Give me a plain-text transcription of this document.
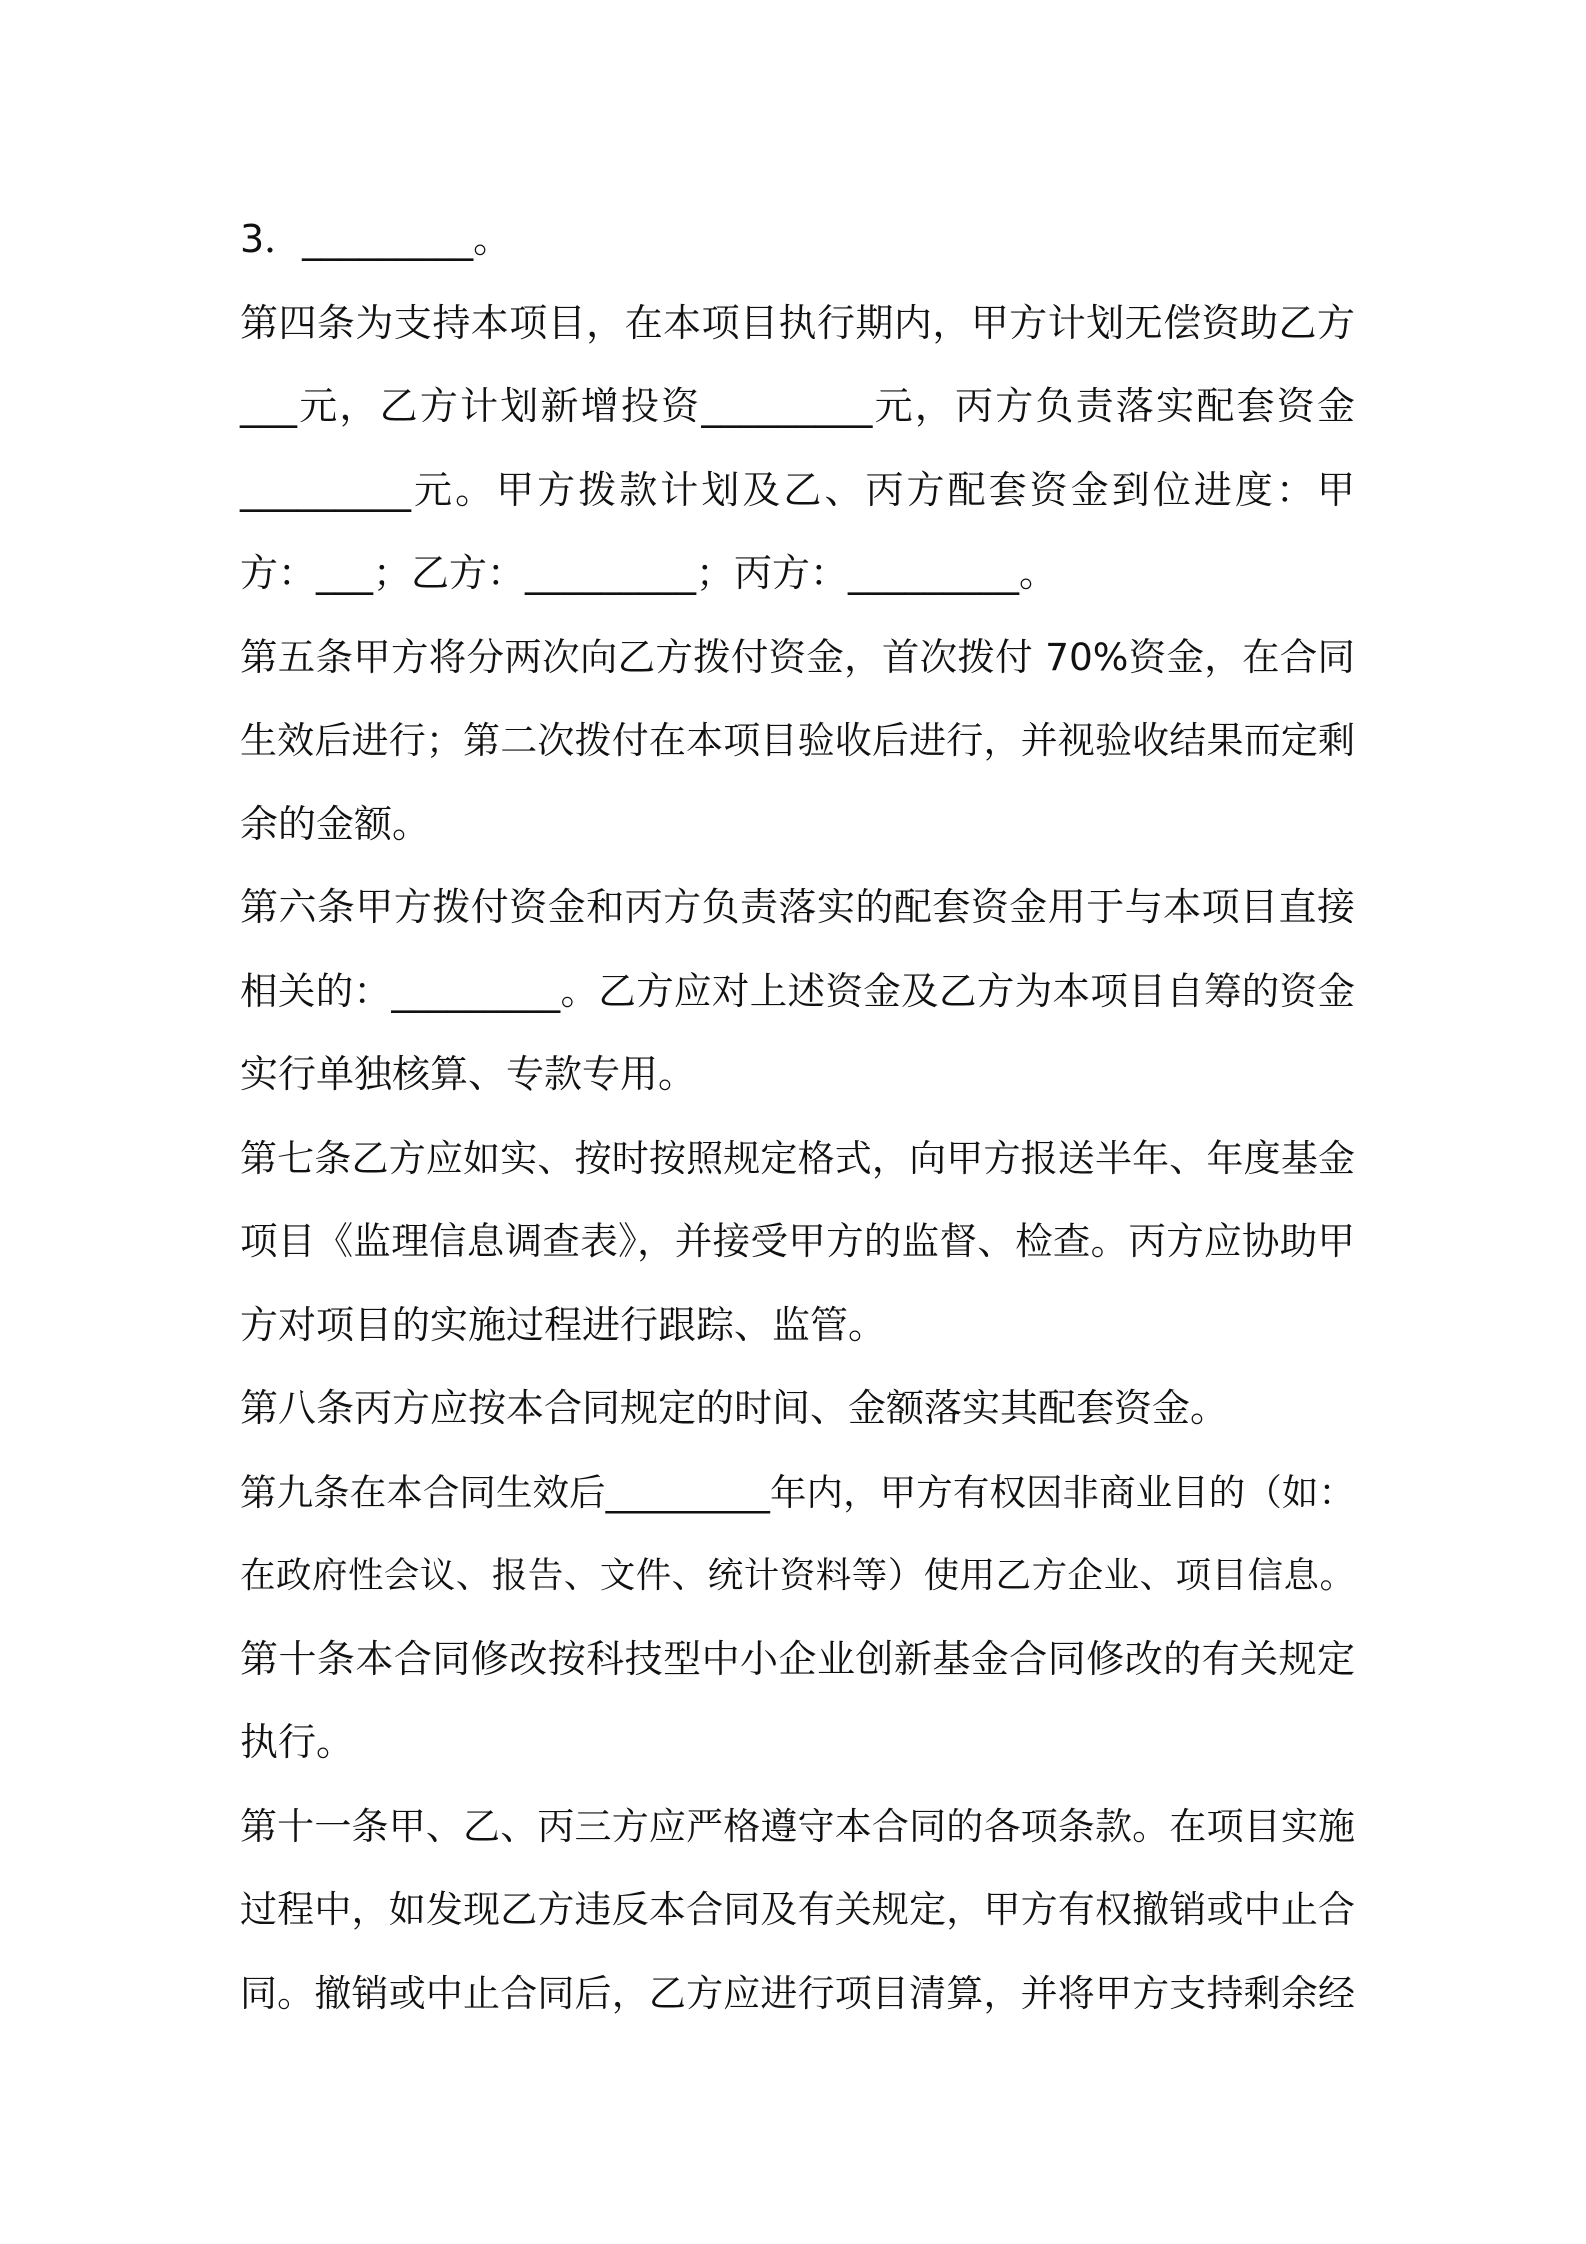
3．_________。
第四条为支持本项目，在本项目执行期内，甲方计划无偿资助乙方
___元，乙方计划新增投资_________元，丙方负责落实配套资金
_________元。甲方拨款计划及乙、丙方配套资金到位进度：甲
方：___；乙方：_________；丙方：_________。
第五条甲方将分两次向乙方拨付资金，首次拨付 70%资金，在合同
生效后进行；第二次拨付在本项目验收后进行，并视验收结果而定剩
余的金额。
第六条甲方拨付资金和丙方负责落实的配套资金用于与本项目直接
相关的：_________。乙方应对上述资金及乙方为本项目自筹的资金
实行单独核算、专款专用。
第七条乙方应如实、按时按照规定格式，向甲方报送半年、年度基金
项目《监理信息调查表》，并接受甲方的监督、检查。丙方应协助甲
方对项目的实施过程进行跟踪、监管。
第八条丙方应按本合同规定的时间、金额落实其配套资金。
第九条在本合同生效后_________年内，甲方有权因非商业目的（如：
在政府性会议、报告、文件、统计资料等）使用乙方企业、项目信息。
第十条本合同修改按科技型中小企业创新基金合同修改的有关规定
执行。
第十一条甲、乙、丙三方应严格遵守本合同的各项条款。在项目实施
过程中，如发现乙方违反本合同及有关规定，甲方有权撤销或中止合
同。撤销或中止合同后，乙方应进行项目清算，并将甲方支持剩余经
